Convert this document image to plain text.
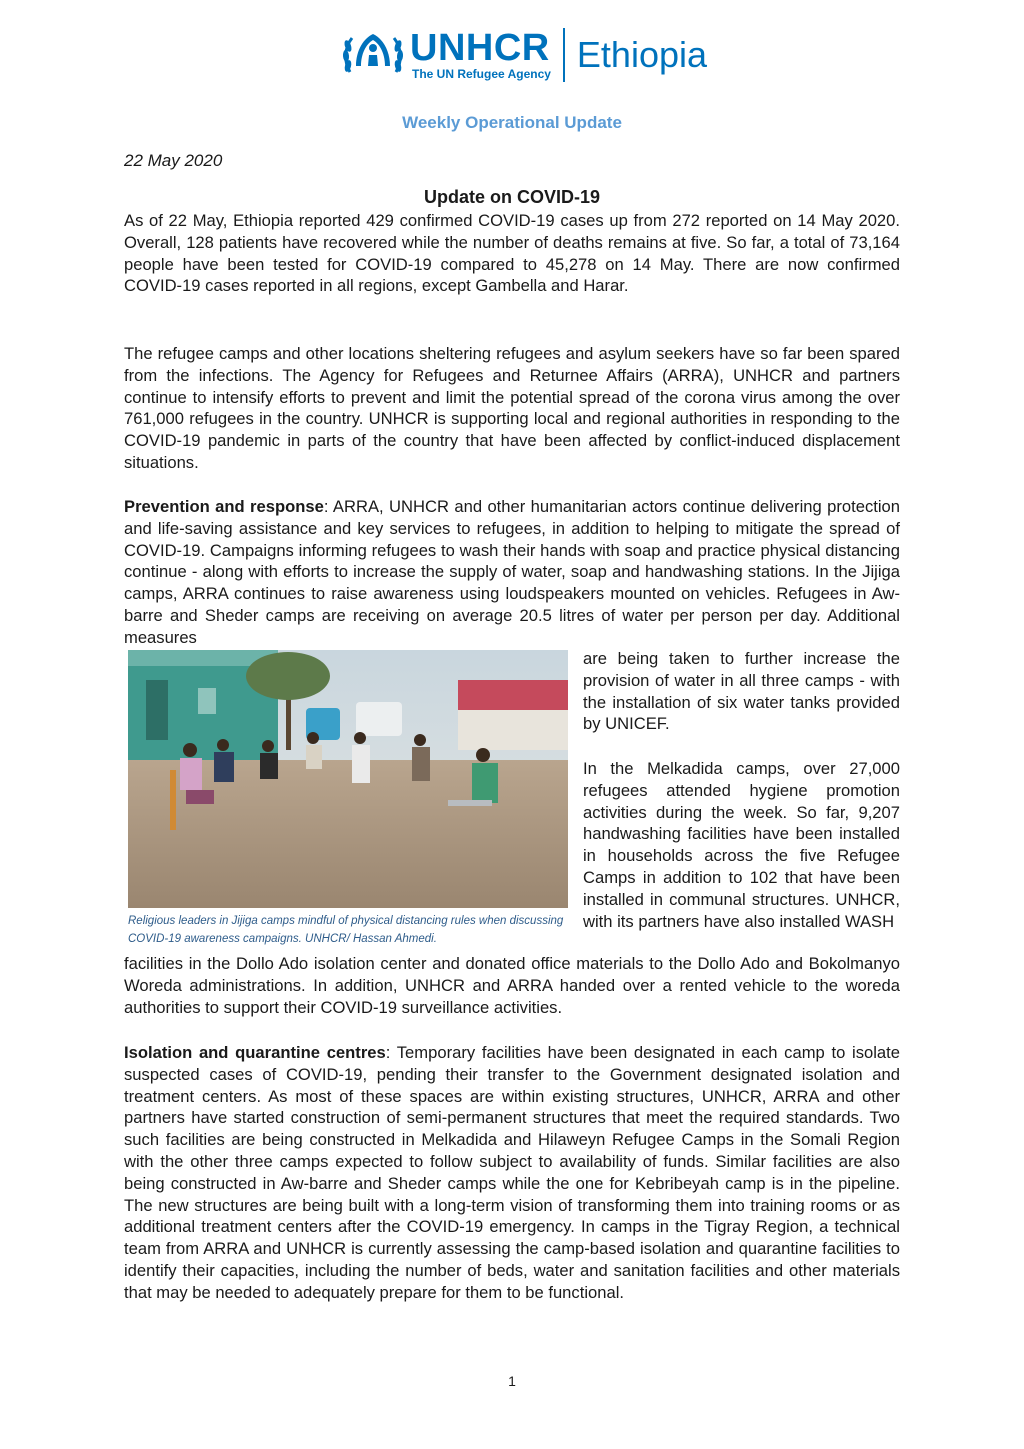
UNHCR
The UN Refugee Agency Ethiopia
Weekly Operational Update
22 May 2020
Update on COVID-19

As of 22 May, Ethiopia reported 429 confirmed COVID-19 cases up from 272 reported on 14 May 2020. Overall, 128 patients have recovered while the number of deaths remains at five. So far, a total of 73,164 people have been tested for COVID-19 compared to 45,278 on 14 May. There are now confirmed COVID-19 cases reported in all regions, except Gambella and Harar.

The refugee camps and other locations sheltering refugees and asylum seekers have so far been spared from the infections. The Agency for Refugees and Returnee Affairs (ARRA), UNHCR and partners continue to intensify efforts to prevent and limit the potential spread of the corona virus among the over 761,000 refugees in the country. UNHCR is supporting local and regional authorities in responding to the COVID-19 pandemic in parts of the country that have been affected by conflict-induced displacement situations.

Prevention and response: ARRA, UNHCR and other humanitarian actors continue delivering protection and life-saving assistance and key services to refugees, in addition to helping to mitigate the spread of COVID-19. Campaigns informing refugees to wash their hands with soap and practice physical distancing continue - along with efforts to increase the supply of water, soap and handwashing stations. In the Jijiga camps, ARRA continues to raise awareness using loudspeakers mounted on vehicles. Refugees in Aw-barre and Sheder camps are receiving on average 20.5 litres of water per person per day. Additional measures

Religious leaders in Jijiga camps mindful of physical distancing rules when discussing COVID-19 awareness campaigns. UNHCR/ Hassan Ahmedi.

are being taken to further increase the provision of water in all three camps - with the installation of six water tanks provided by UNICEF.

In the Melkadida camps, over 27,000 refugees attended hygiene promotion activities during the week. So far, 9,207 handwashing facilities have been installed in households across the five Refugee Camps in addition to 102 that have been installed in communal structures. UNHCR, with its partners have also installed WASH

facilities in the Dollo Ado isolation center and donated office materials to the Dollo Ado and Bokolmanyo Woreda administrations. In addition, UNHCR and ARRA handed over a rented vehicle to the woreda authorities to support their COVID-19 surveillance activities.

Isolation and quarantine centres: Temporary facilities have been designated in each camp to isolate suspected cases of COVID-19, pending their transfer to the Government designated isolation and treatment centers. As most of these spaces are within existing structures, UNHCR, ARRA and other partners have started construction of semi-permanent structures that meet the required standards. Two such facilities are being constructed in Melkadida and Hilaweyn Refugee Camps in the Somali Region with the other three camps expected to follow subject to availability of funds. Similar facilities are also being constructed in Aw-barre and Sheder camps while the one for Kebribeyah camp is in the pipeline. The new structures are being built with a long-term vision of transforming them into training rooms or as additional treatment centers after the COVID-19 emergency. In camps in the Tigray Region, a technical team from ARRA and UNHCR is currently assessing the camp-based isolation and quarantine facilities to identify their capacities, including the number of beds, water and sanitation facilities and other materials that may be needed to adequately prepare for them to be functional.

1
